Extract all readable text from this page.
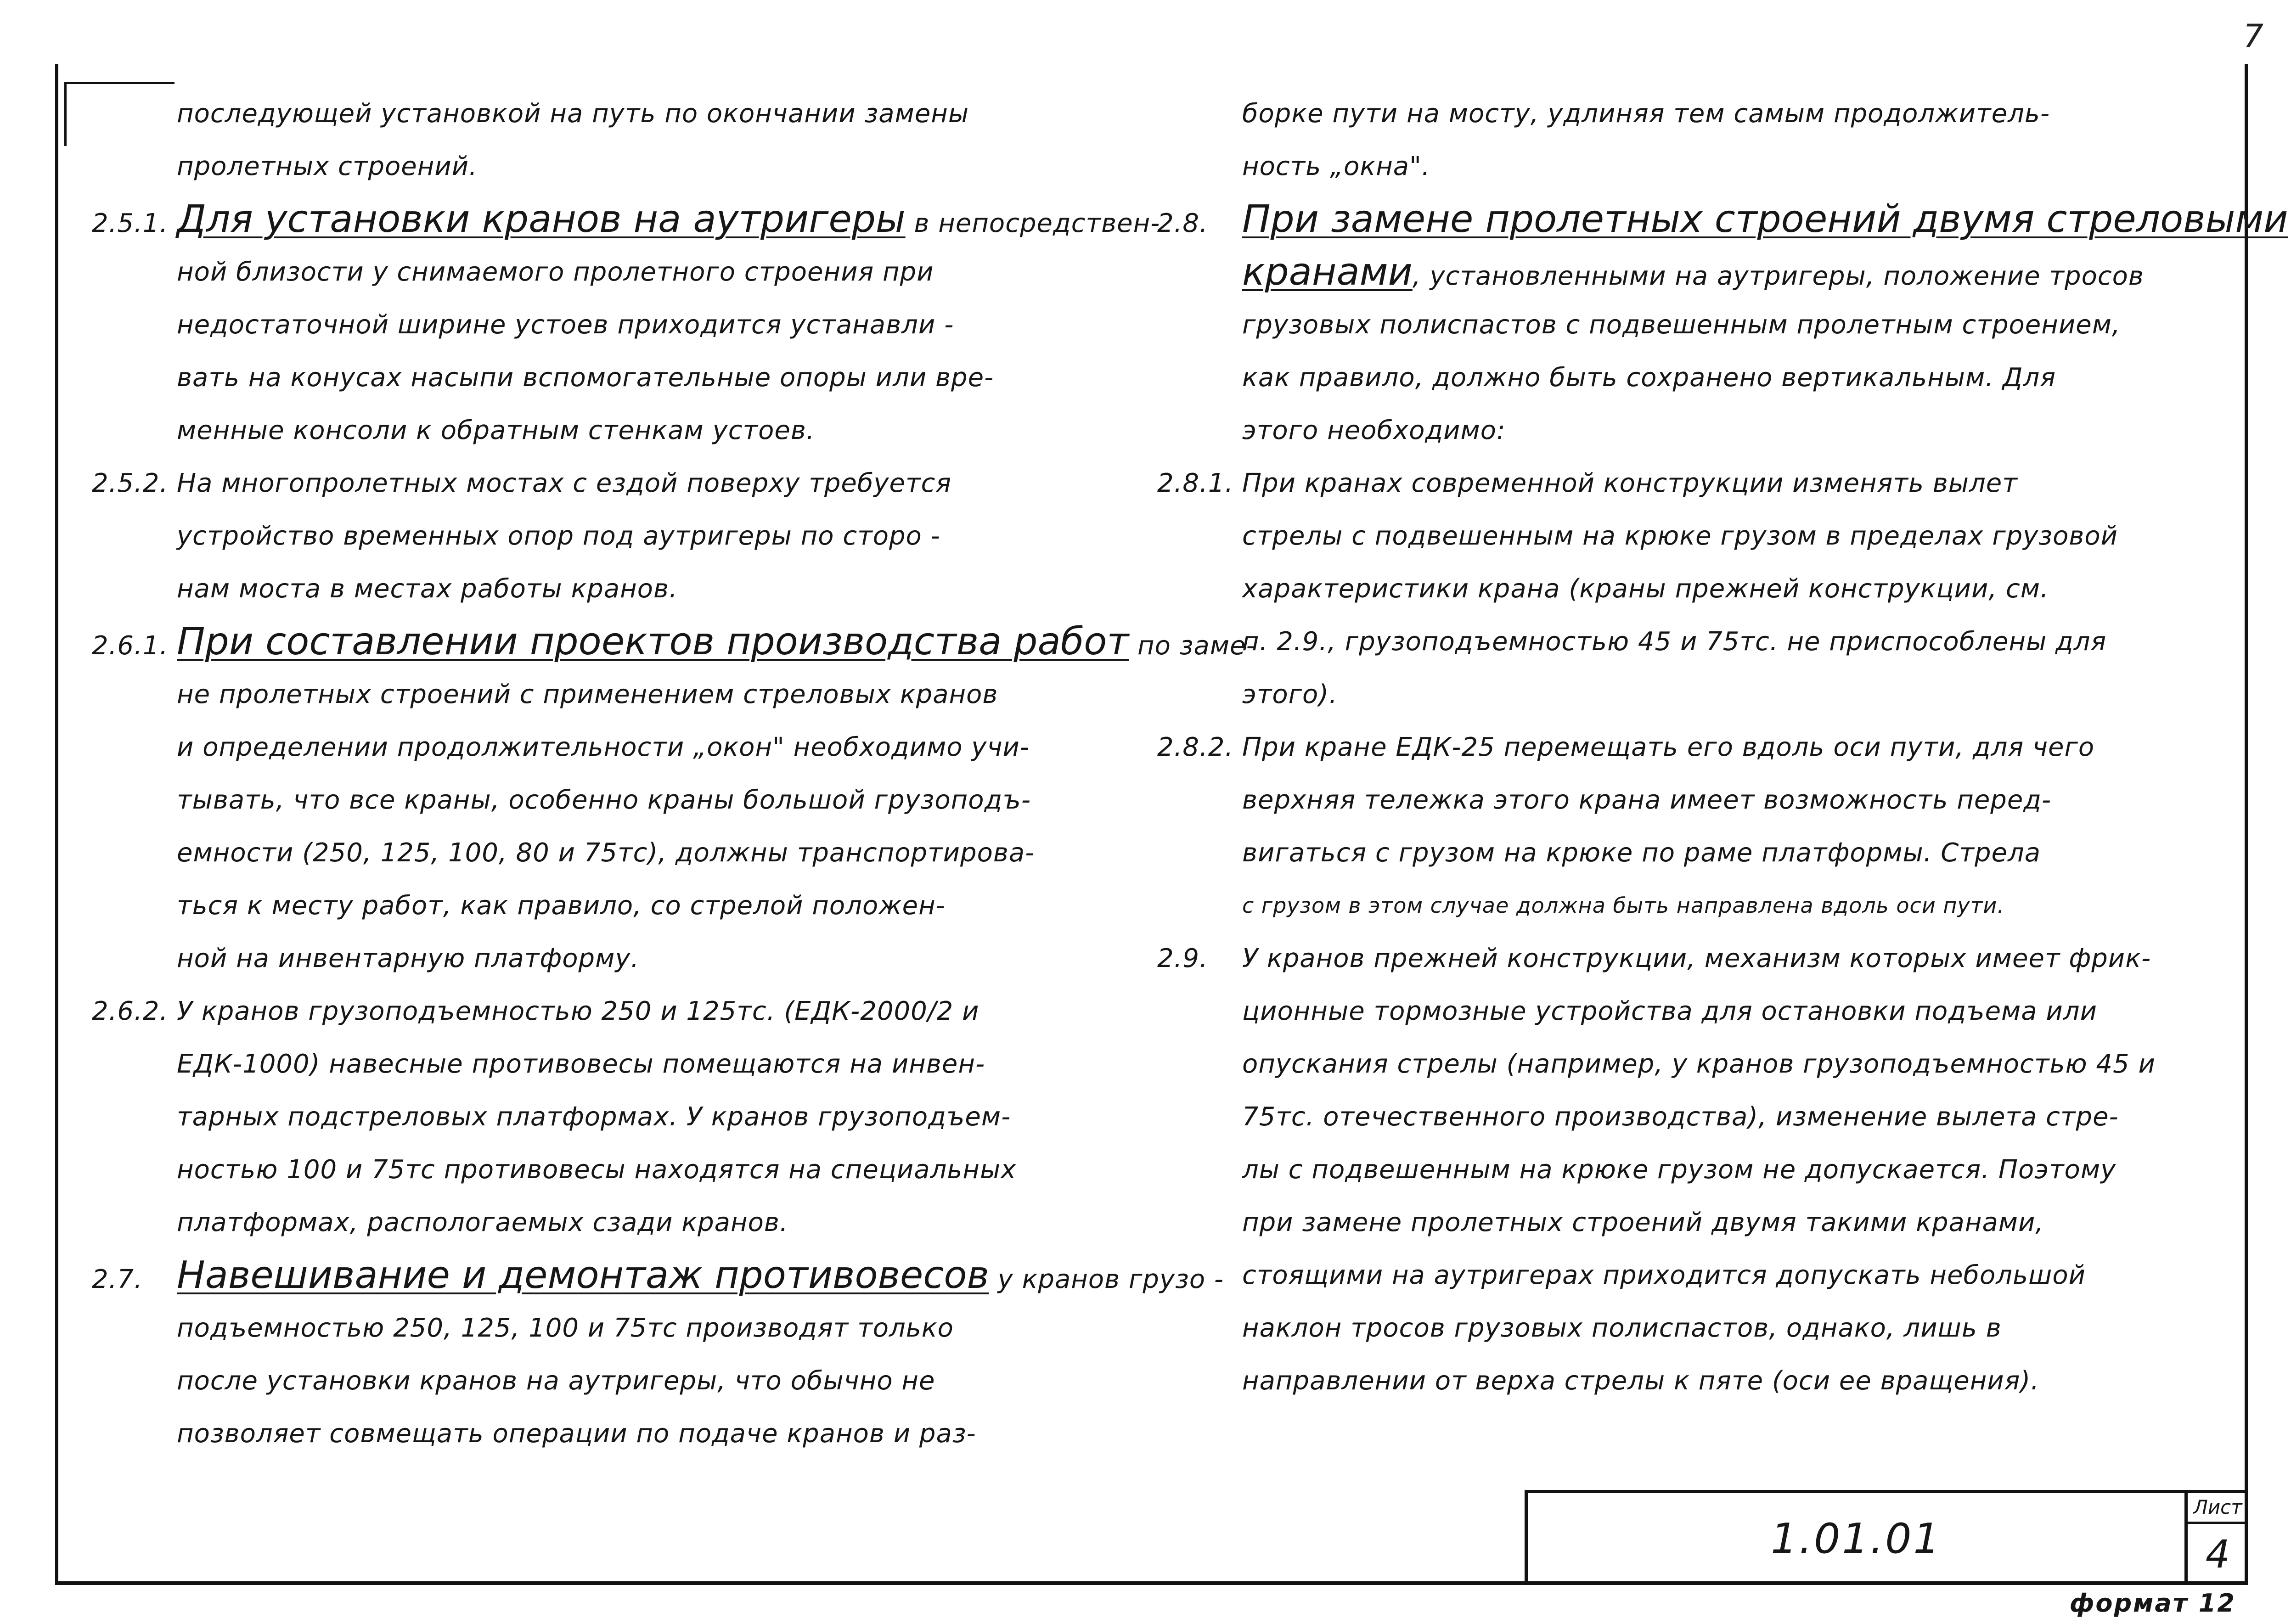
7
последующей установкой на путь по окончании замены
пролетных строений.
2.5.1. Для установки кранов на аутригеры в непосредствен-
ной близости у снимаемого пролетного строения при
недостаточной ширине устоев приходится устанавли -
вать на конусах насыпи вспомогательные опоры или вре-
менные консоли к обратным стенкам устоев.
2.5.2. На многопролетных мостах с ездой поверху требуется
устройство временных опор под аутригеры по сторо -
нам моста в местах работы кранов.
2.6.1. При составлении проектов производства работ по заме-
не пролетных строений с применением стреловых кранов
и определении продолжительности „окон" необходимо учи-
тывать, что все краны, особенно краны большой грузоподъ-
емности (250, 125, 100, 80 и 75тс), должны транспортирова-
ться к месту работ, как правило, со стрелой положен-
ной на инвентарную платформу.
2.6.2. У кранов грузоподъемностью 250 и 125тс. (ЕДК-2000/2 и
ЕДК-1000) навесные противовесы помещаются на инвен-
тарных подстреловых платформах. У кранов грузоподъем-
ностью 100 и 75тс противовесы находятся на специальных
платформах, распологаемых сзади кранов.
2.7. Навешивание и демонтаж противовесов у кранов грузо -
подъемностью 250, 125, 100 и 75тс производят только
после установки кранов на аутригеры, что обычно не
позволяет совмещать операции по подаче кранов и раз-
борке пути на мосту, удлиняя тем самым продолжитель-
ность „окна".
2.8. При замене пролетных строений двумя стреловыми
кранами, установленными на аутригеры, положение тросов
грузовых полиспастов с подвешенным пролетным строением,
как правило, должно быть сохранено вертикальным. Для
этого необходимо:
2.8.1. При кранах современной конструкции изменять вылет
стрелы с подвешенным на крюке грузом в пределах грузовой
характеристики крана (краны прежней конструкции, см.
п. 2.9., грузоподъемностью 45 и 75тс. не приспособлены для
этого).
2.8.2. При кране ЕДК-25 перемещать его вдоль оси пути, для чего
верхняя тележка этого крана имеет возможность перед-
вигаться с грузом на крюке по раме платформы. Стрела
с грузом в этом случае должна быть направлена вдоль оси пути.
2.9. У кранов прежней конструкции, механизм которых имеет фрик-
ционные тормозные устройства для остановки подъема или
опускания стрелы (например, у кранов грузоподъемностью 45 и
75тс. отечественного производства), изменение вылета стре-
лы с подвешенным на крюке грузом не допускается. Поэтому
при замене пролетных строений двумя такими кранами,
стоящими на аутригерах приходится допускать небольшой
наклон тросов грузовых полиспастов, однако, лишь в
направлении от верха стрелы к пяте (оси ее вращения).
1.01.01
Лист
4
формат 12
